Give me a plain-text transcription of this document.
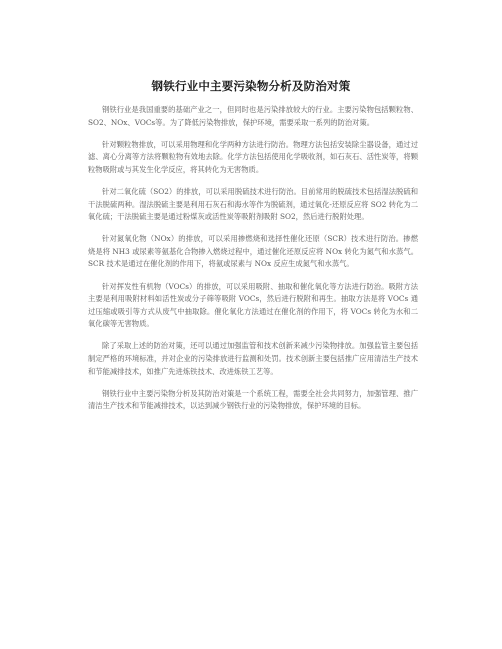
钢铁行业中主要污染物分析及防治对策

钢铁行业是我国重要的基础产业之一，但同时也是污染排放较大的行业。主要污染物包括颗粒物、SO2、NOx、VOCs等。为了降低污染物排放，保护环境，需要采取一系列的防治对策。

针对颗粒物排放，可以采用物理和化学两种方法进行防治。物理方法包括安装除尘器设备，通过过滤、离心分离等方法将颗粒物有效地去除。化学方法包括使用化学吸收剂，如石灰石、活性炭等，将颗粒物吸附或与其发生化学反应，将其转化为无害物质。

针对二氧化硫（SO2）的排放，可以采用脱硫技术进行防治。目前常用的脱硫技术包括湿法脱硫和干法脱硫两种。湿法脱硫主要是利用石灰石和海水等作为脱硫剂，通过氧化-还原反应将 SO2 转化为二氧化硫；干法脱硫主要是通过粉煤灰或活性炭等吸附剂吸附 SO2，然后进行脱附处理。

针对氮氧化物（NOx）的排放，可以采用掺燃烧和选择性催化还原（SCR）技术进行防治。掺燃烧是将 NH3 或尿素等氨基化合物掺入燃烧过程中，通过催化还原反应将 NOx 转化为氮气和水蒸气。SCR 技术是通过在催化剂的作用下，将氨或尿素与 NOx 反应生成氮气和水蒸气。

针对挥发性有机物（VOCs）的排放，可以采用吸附、抽取和催化氧化等方法进行防治。吸附方法主要是利用吸附材料如活性炭或分子筛等吸附 VOCs，然后进行脱附和再生。抽取方法是将 VOCs 通过压缩或吸引等方式从废气中抽取除。催化氧化方法通过在催化剂的作用下，将 VOCs 转化为水和二氧化碳等无害物质。

除了采取上述的防治对策，还可以通过加强监管和技术创新来减少污染物排放。加强监管主要包括制定严格的环境标准，并对企业的污染排放进行监测和处罚。技术创新主要包括推广应用清洁生产技术和节能减排技术，如推广先进炼铁技术、改进炼铁工艺等。

钢铁行业中主要污染物分析及其防治对策是一个系统工程，需要全社会共同努力，加强管理、推广清洁生产技术和节能减排技术，以达到减少钢铁行业的污染物排放，保护环境的目标。
